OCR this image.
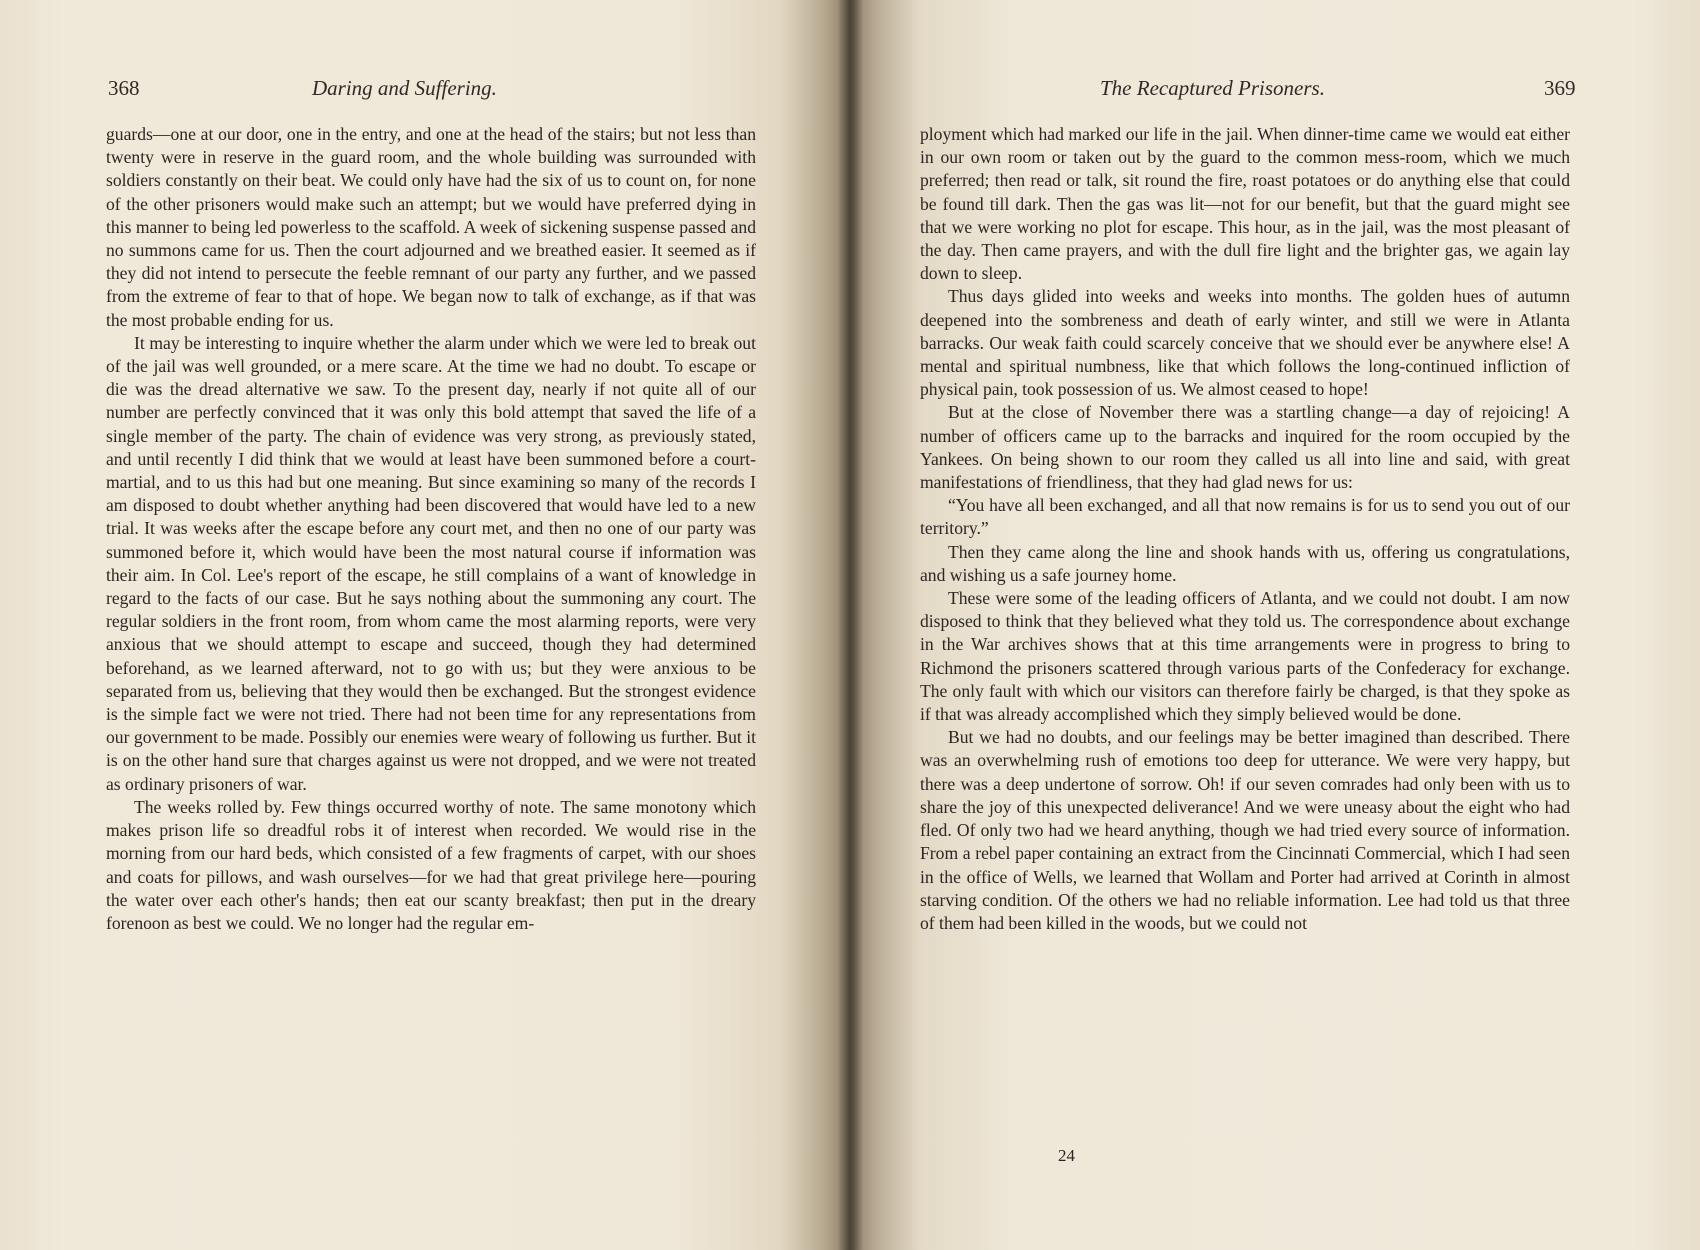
368	Daring and Suffering.

guards—one at our door, one in the entry, and one at the head of the stairs; but not less than twenty were in reserve in the guard room, and the whole building was surrounded with soldiers constantly on their beat. We could only have had the six of us to count on, for none of the other prisoners would make such an attempt; but we would have preferred dying in this manner to being led powerless to the scaffold. A week of sickening suspense passed and no summons came for us. Then the court adjourned and we breathed easier. It seemed as if they did not intend to persecute the feeble remnant of our party any further, and we passed from the extreme of fear to that of hope. We began now to talk of exchange, as if that was the most probable ending for us.

It may be interesting to inquire whether the alarm under which we were led to break out of the jail was well grounded, or a mere scare. At the time we had no doubt. To escape or die was the dread alternative we saw. To the present day, nearly if not quite all of our number are perfectly convinced that it was only this bold attempt that saved the life of a single member of the party. The chain of evidence was very strong, as previously stated, and until recently I did think that we would at least have been summoned before a court-martial, and to us this had but one meaning. But since examining so many of the records I am disposed to doubt whether anything had been discovered that would have led to a new trial. It was weeks after the escape before any court met, and then no one of our party was summoned before it, which would have been the most natural course if information was their aim. In Col. Lee's report of the escape, he still complains of a want of knowledge in regard to the facts of our case. But he says nothing about the summoning any court. The regular soldiers in the front room, from whom came the most alarming reports, were very anxious that we should attempt to escape and succeed, though they had determined beforehand, as we learned afterward, not to go with us; but they were anxious to be separated from us, believing that they would then be exchanged. But the strongest evidence is the simple fact we were not tried. There had not been time for any representations from our government to be made. Possibly our enemies were weary of following us further. But it is on the other hand sure that charges against us were not dropped, and we were not treated as ordinary prisoners of war.

The weeks rolled by. Few things occurred worthy of note. The same monotony which makes prison life so dreadful robs it of interest when recorded. We would rise in the morning from our hard beds, which consisted of a few fragments of carpet, with our shoes and coats for pillows, and wash ourselves—for we had that great privilege here—pouring the water over each other's hands; then eat our scanty breakfast; then put in the dreary forenoon as best we could. We no longer had the regular em-

The Recaptured Prisoners.	369

ployment which had marked our life in the jail. When dinner-time came we would eat either in our own room or taken out by the guard to the common mess-room, which we much preferred; then read or talk, sit round the fire, roast potatoes or do anything else that could be found till dark. Then the gas was lit—not for our benefit, but that the guard might see that we were working no plot for escape. This hour, as in the jail, was the most pleasant of the day. Then came prayers, and with the dull fire light and the brighter gas, we again lay down to sleep.

Thus days glided into weeks and weeks into months. The golden hues of autumn deepened into the sombreness and death of early winter, and still we were in Atlanta barracks. Our weak faith could scarcely conceive that we should ever be anywhere else! A mental and spiritual numbness, like that which follows the long-continued infliction of physical pain, took possession of us. We almost ceased to hope!

But at the close of November there was a startling change—a day of rejoicing! A number of officers came up to the barracks and inquired for the room occupied by the Yankees. On being shown to our room they called us all into line and said, with great manifestations of friendliness, that they had glad news for us:

“You have all been exchanged, and all that now remains is for us to send you out of our territory.”

Then they came along the line and shook hands with us, offering us congratulations, and wishing us a safe journey home.

These were some of the leading officers of Atlanta, and we could not doubt. I am now disposed to think that they believed what they told us. The correspondence about exchange in the War archives shows that at this time arrangements were in progress to bring to Richmond the prisoners scattered through various parts of the Confederacy for exchange. The only fault with which our visitors can therefore fairly be charged, is that they spoke as if that was already accomplished which they simply believed would be done.

But we had no doubts, and our feelings may be better imagined than described. There was an overwhelming rush of emotions too deep for utterance. We were very happy, but there was a deep undertone of sorrow. Oh! if our seven comrades had only been with us to share the joy of this unexpected deliverance! And we were uneasy about the eight who had fled. Of only two had we heard anything, though we had tried every source of information. From a rebel paper containing an extract from the Cincinnati Commercial, which I had seen in the office of Wells, we learned that Wollam and Porter had arrived at Corinth in almost starving condition. Of the others we had no reliable information. Lee had told us that three of them had been killed in the woods, but we could not

24
